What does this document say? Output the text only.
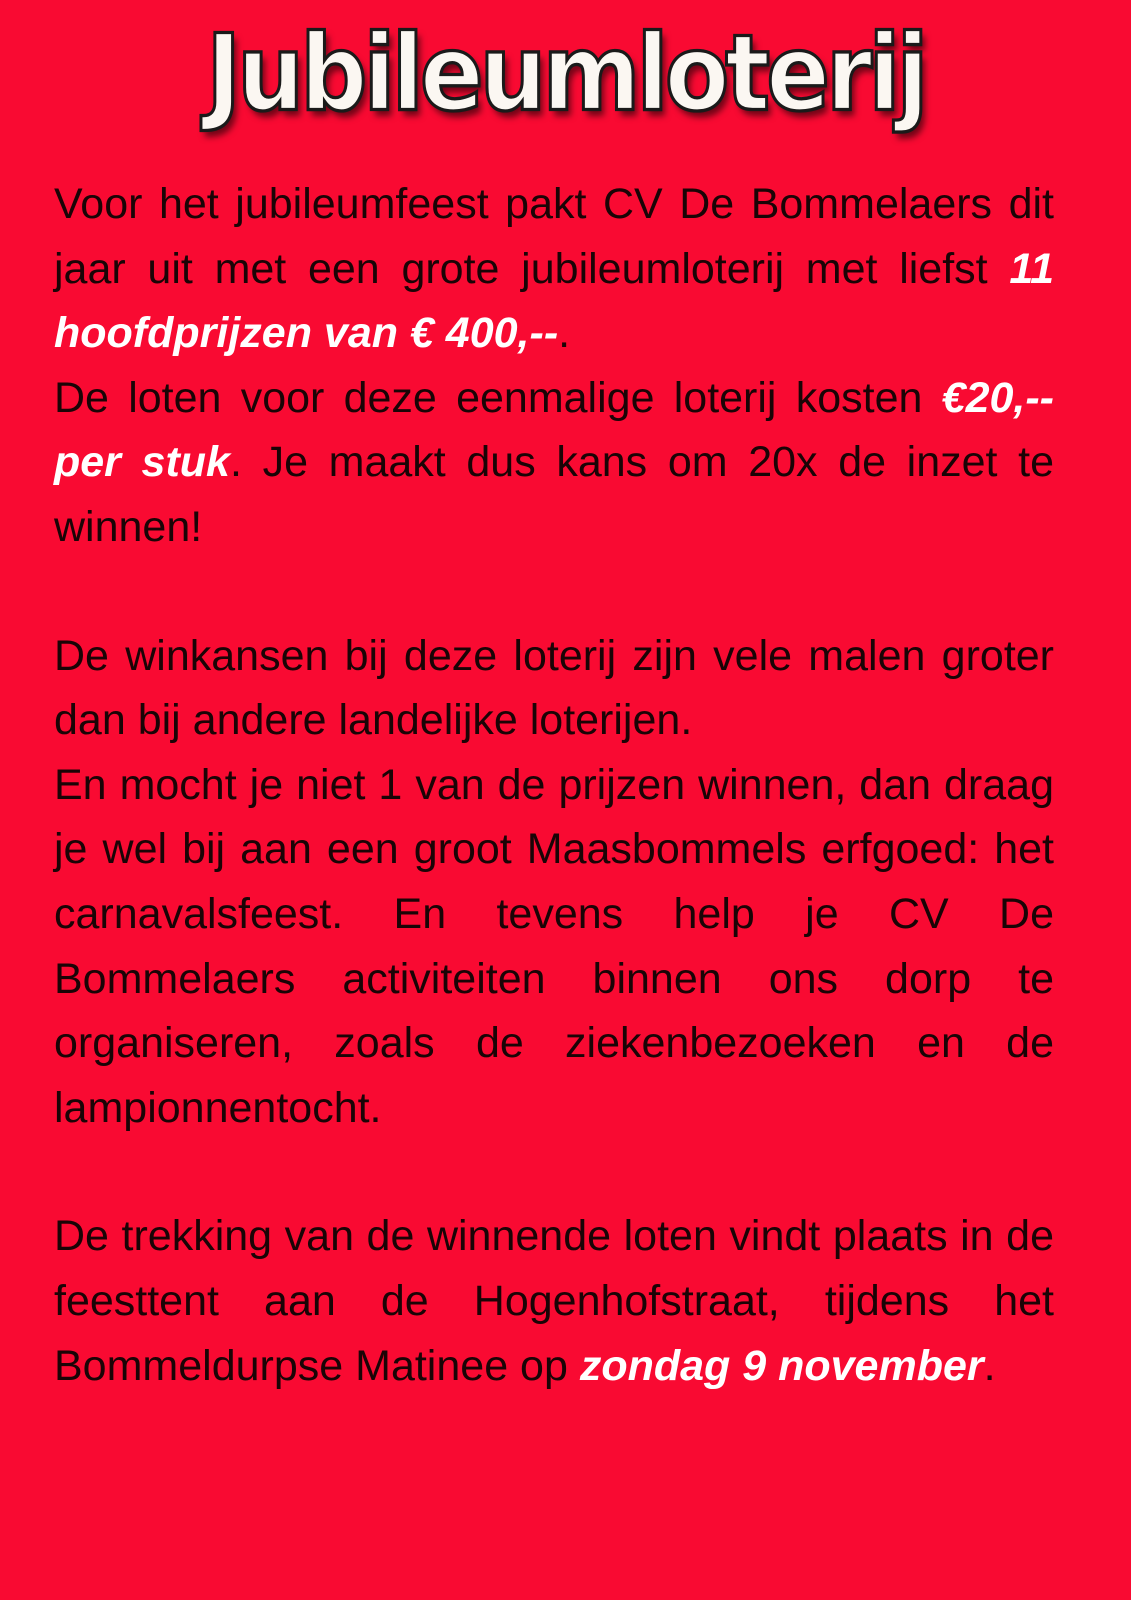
Jubileumloterij

Voor het jubileumfeest pakt CV De Bommelaers dit jaar uit met een grote jubileumloterij met liefst 11 hoofdprijzen van € 400,--.

De loten voor deze eenmalige loterij kosten €20,-- per stuk. Je maakt dus kans om 20x de inzet te winnen!

De winkansen bij deze loterij zijn vele malen groter dan bij andere landelijke loterijen.

En mocht je niet 1 van de prijzen winnen, dan draag je wel bij aan een groot Maasbommels erfgoed: het carnavalsfeest. En tevens help je CV De Bommelaers activiteiten binnen ons dorp te organiseren, zoals de ziekenbezoeken en de lampionnentocht.

De trekking van de winnende loten vindt plaats in de feesttent aan de Hogenhofstraat, tijdens het Bommeldurpse Matinee op zondag 9 november.
